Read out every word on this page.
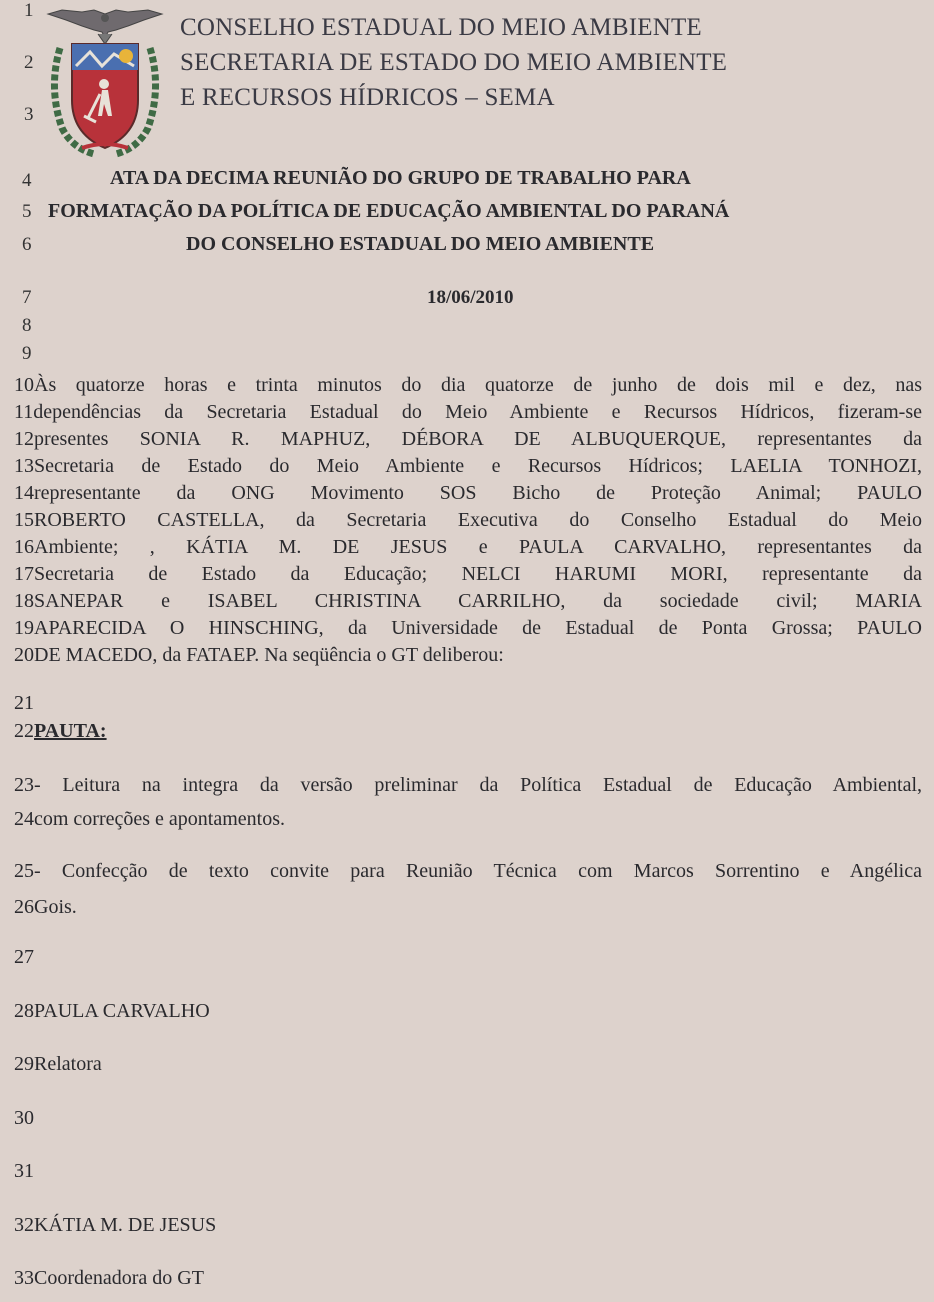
1
2
3
4
5
6
7
8
9
CONSELHO ESTADUAL DO MEIO AMBIENTE
SECRETARIA DE ESTADO DO MEIO AMBIENTE
E RECURSOS HÍDRICOS – SEMA
ATA DA DECIMA REUNIÃO DO GRUPO DE TRABALHO PARA
FORMATAÇÃO DA POLÍTICA DE EDUCAÇÃO AMBIENTAL DO PARANÁ
DO CONSELHO ESTADUAL DO MEIO AMBIENTE
18/06/2010
10Às quatorze horas e trinta minutos do dia quatorze de junho de dois mil e dez, nas
11dependências da Secretaria Estadual do Meio Ambiente e Recursos Hídricos, fizeram-se
12presentes SONIA R. MAPHUZ, DÉBORA DE ALBUQUERQUE, representantes da
13Secretaria de Estado do Meio Ambiente e Recursos Hídricos; LAELIA TONHOZI,
14representante da ONG Movimento SOS Bicho de Proteção Animal; PAULO
15ROBERTO CASTELLA, da Secretaria Executiva do Conselho Estadual do Meio
16Ambiente; , KÁTIA M. DE JESUS e PAULA CARVALHO, representantes da
17Secretaria de Estado da Educação; NELCI HARUMI MORI, representante da
18SANEPAR e ISABEL CHRISTINA CARRILHO, da sociedade civil; MARIA
19APARECIDA O HINSCHING, da Universidade de Estadual de Ponta Grossa; PAULO
20DE MACEDO, da FATAEP. Na seqüência o GT deliberou:
21
22PAUTA:
23- Leitura na integra da versão preliminar da Política Estadual de Educação Ambiental,
24com correções e apontamentos.
25- Confecção de texto convite para Reunião Técnica com Marcos Sorrentino e Angélica
26Gois.
27
28PAULA CARVALHO
29Relatora
30
31
32KÁTIA M. DE JESUS
33Coordenadora do GT
